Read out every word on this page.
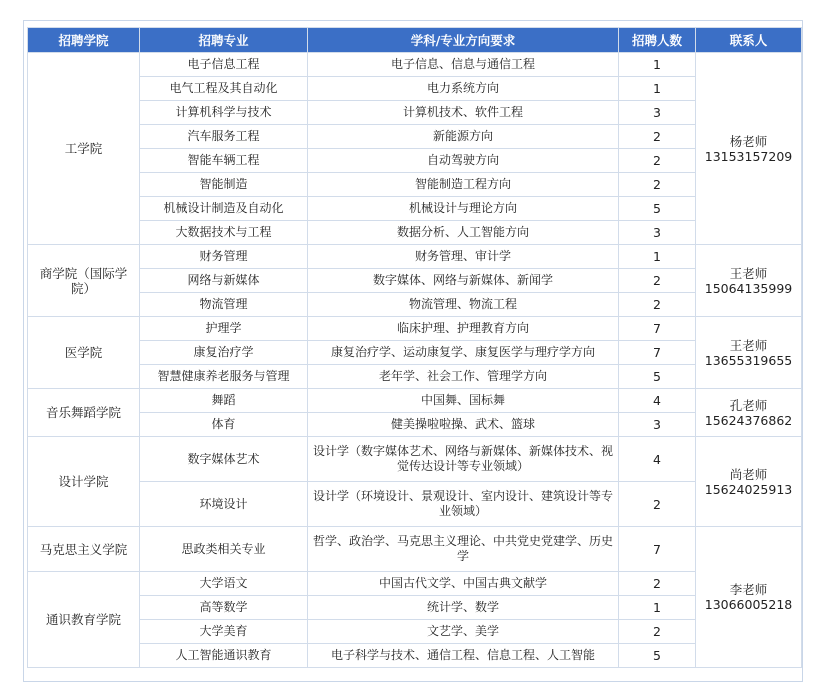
招聘学院	招聘专业	学科/专业方向要求	招聘人数	联系人
工学院	电子信息工程	电子信息、信息与通信工程	1	杨老师
13153157209

	电气工程及其自动化	电力系统方向	1	
	计算机科学与技术	计算机技术、软件工程	3	
	汽车服务工程	新能源方向	2	
	智能车辆工程	自动驾驶方向	2	
	智能制造	智能制造工程方向	2	
	机械设计制造及自动化	机械设计与理论方向	5	
	大数据技术与工程	数据分析、人工智能方向	3	
商学院（国际学院）	财务管理	财务管理、审计学	1	王老师
15064135999

	网络与新媒体	数字媒体、网络与新媒体、新闻学	2	
	物流管理	物流管理、物流工程	2	
医学院	护理学	临床护理、护理教育方向	7	王老师
13655319655

	康复治疗学	康复治疗学、运动康复学、康复医学与理疗学方向	7	
	智慧健康养老服务与管理	老年学、社会工作、管理学方向	5	
音乐舞蹈学院	舞蹈	中国舞、国标舞	4	孔老师
15624376862

	体育	健美操啦啦操、武术、篮球	3	
设计学院	数字媒体艺术	设计学（数字媒体艺术、网络与新媒体、新媒体技术、视觉传达设计等专业领域）	4	尚老师
15624025913

	环境设计	设计学（环境设计、景观设计、室内设计、建筑设计等专业领域）	2	
马克思主义学院	思政类相关专业	哲学、政治学、马克思主义理论、中共党史党建学、历史学	7	李老师
13066005218

通识教育学院	大学语文	中国古代文学、中国古典文献学	2	
	高等数学	统计学、数学	1	
	大学美育	文艺学、美学	2	
	人工智能通识教育	电子科学与技术、通信工程、信息工程、人工智能	5	
